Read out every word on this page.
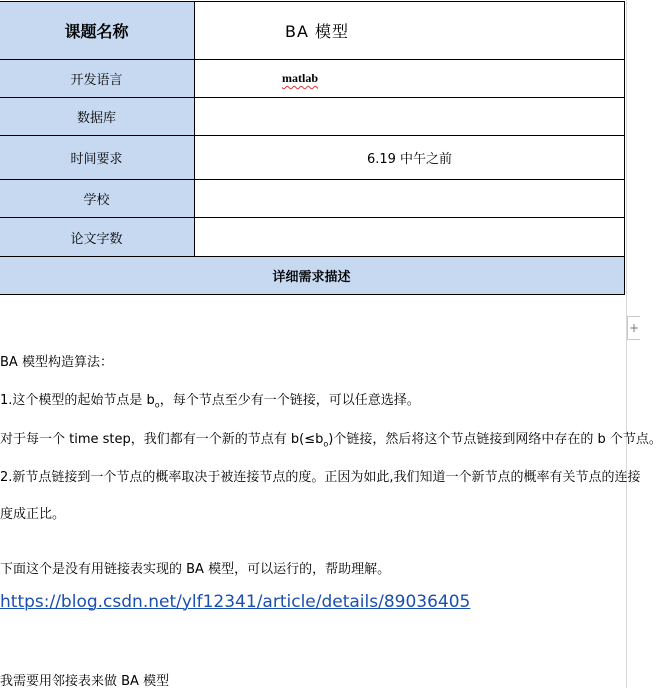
课题名称	BA 模型
开发语言	matlab
数据库	
时间要求	6.19 中午之前
学校	
论文字数	
详细需求描述	
+
BA 模型构造算法：
1.这个模型的起始节点是 $b_o$，每个节点至少有一个链接，可以任意选择。
对于每一个 time step，我们都有一个新的节点有 $b(\le b_o)$个链接，然后将这个节点链接到网络中存在的 b 个节点。
2.新节点链接到一个节点的概率取决于被连接节点的度。正因为如此,我们知道一个新节点的概率有关节点的连接
度成正比。
下面这个是没有用链接表实现的 BA 模型，可以运行的，帮助理解。
https://blog.csdn.net/ylf12341/article/details/89036405
我需要用邻接表来做 BA 模型
